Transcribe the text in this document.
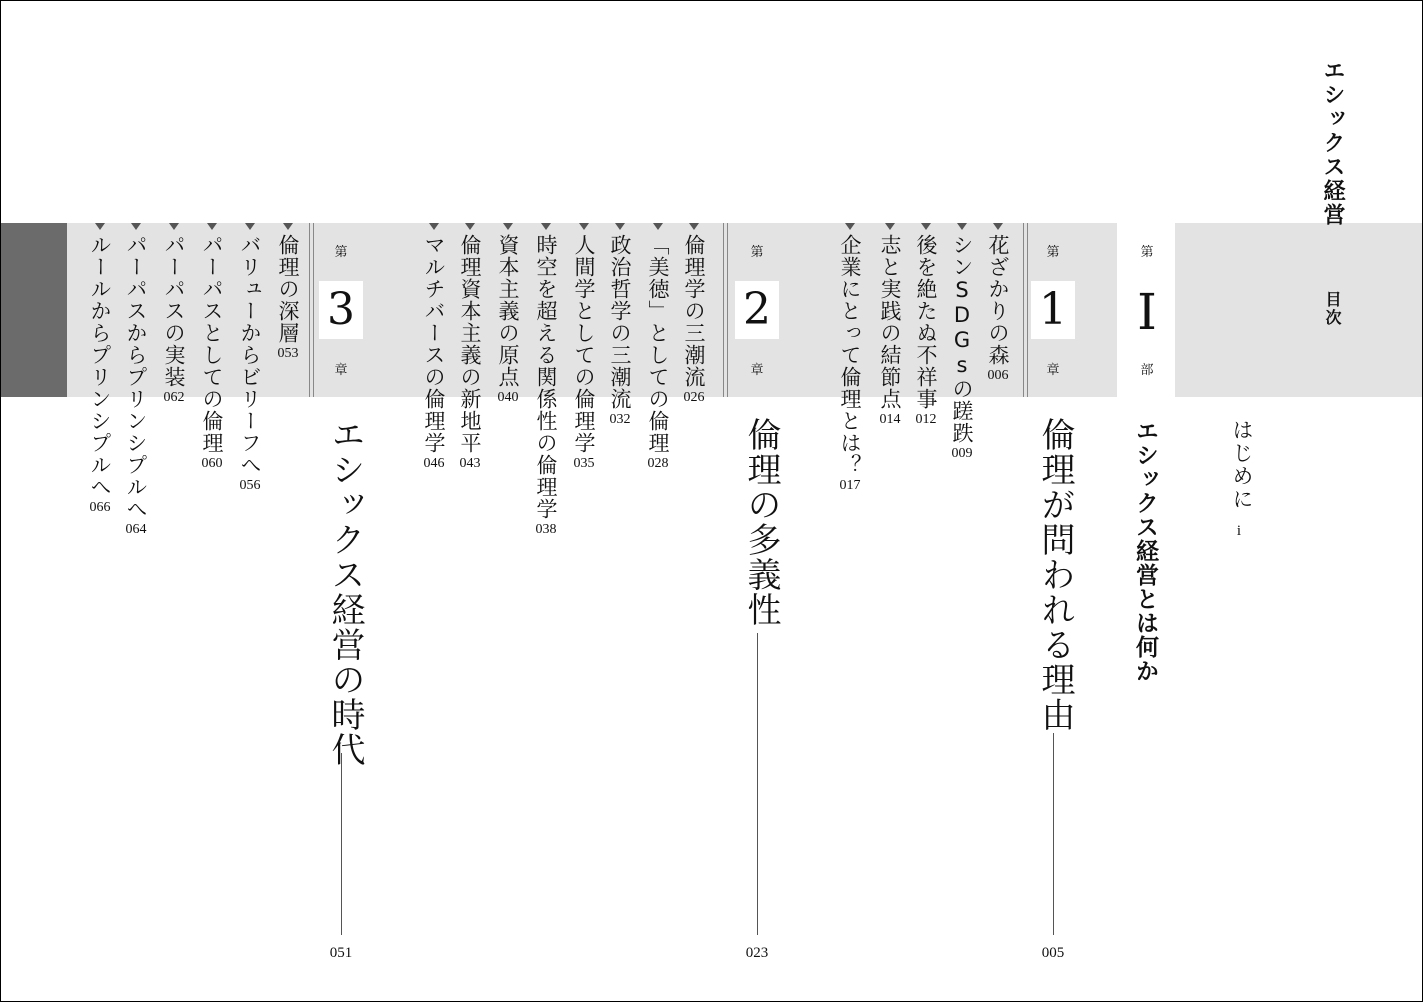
エシックス経営
目次
はじめに
i
第
I
部
エシックス経営とは何か
第
1
章
倫理が問われる理由
005
花ざかりの森
006
シンSDGsの蹉跌
009
後を絶たぬ不祥事
012
志と実践の結節点
014
企業にとって倫理とは？
017
第
2
章
倫理の多義性
023
第
3
章
エシックス経営の時代
051
倫理学の三潮流
026
「美徳」としての倫理
028
政治哲学の三潮流
032
人間学としての倫理学
035
時空を超える関係性の倫理学
038
資本主義の原点
040
倫理資本主義の新地平
043
マルチバースの倫理学
046
倫理の深層
053
バリューからビリーフへ
056
パーパスとしての倫理
060
パーパスの実装
062
パーパスからプリンシプルへ
064
ルールからプリンシプルへ
066
